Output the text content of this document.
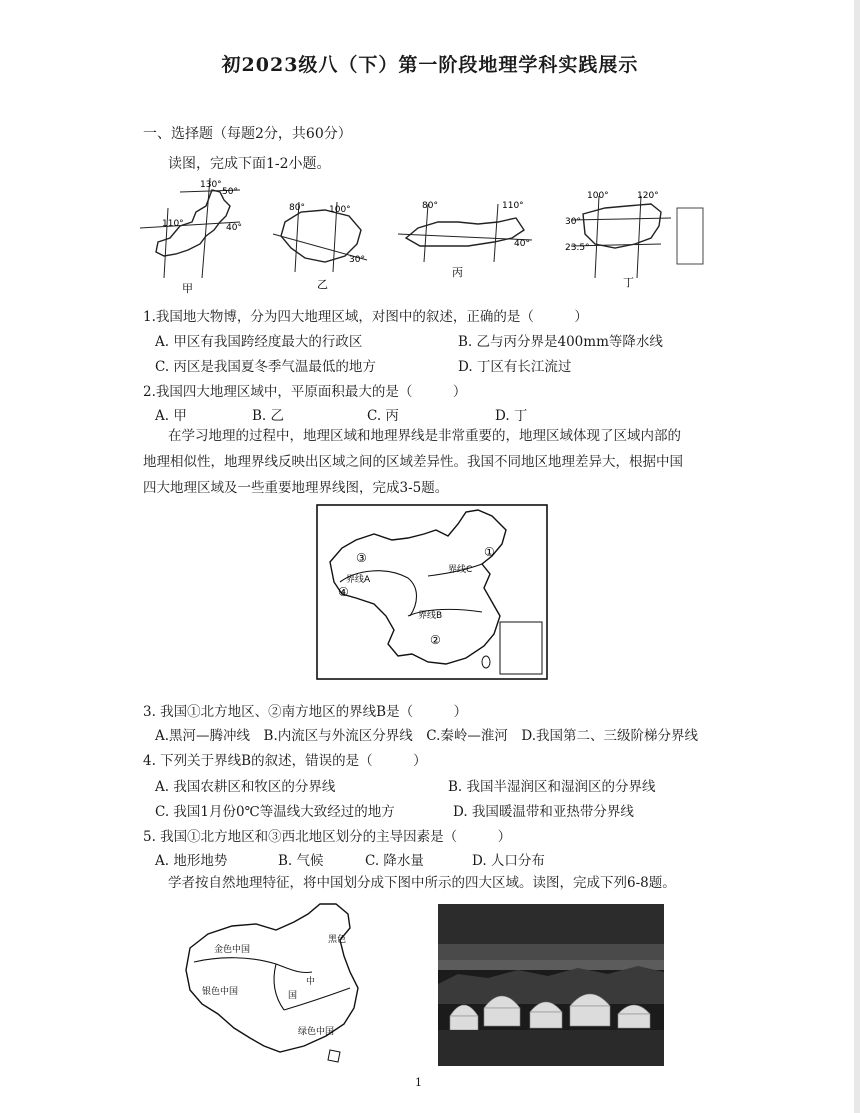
初2023级八（下）第一阶段地理学科实践展示
一、选择题（每题2分，共60分）
读图，完成下面1-2小题。
130°
50°
110°	40°
甲
80°	100°
30°
乙
80°	110°
40°
丙
100°	120°
30°
23.5°
丁
1.我国地大物博，分为四大地理区域，对图中的叙述，正确的是（　　　）
A. 甲区有我国跨经度最大的行政区	B. 乙与丙分界是400mm等降水线
C. 丙区是我国夏冬季气温最低的地方	D. 丁区有长江流过
2.我国四大地理区域中，平原面积最大的是（　　　）
A. 甲	B. 乙	C. 丙	D. 丁
在学习地理的过程中，地理区域和地理界线是非常重要的，地理区域体现了区域内部的
地理相似性，地理界线反映出区域之间的区域差异性。我国不同地区地理差异大，根据中国
四大地理区域及一些重要地理界线图，完成3-5题。
③
④
①
②
界线A
界线B
界线C
3. 我国①北方地区、②南方地区的界线B是（　　　）
A.黑河—腾冲线　B.内流区与外流区分界线　C.秦岭—淮河　D.我国第二、三级阶梯分界线
4. 下列关于界线B的叙述，错误的是（　　　）
A. 我国农耕区和牧区的分界线	B. 我国半湿润区和湿润区的分界线
C. 我国1月份0℃等温线大致经过的地方	D. 我国暖温带和亚热带分界线
5. 我国①北方地区和③西北地区划分的主导因素是（　　　）
A. 地形地势	B. 气候	C. 降水量	D. 人口分布
学者按自然地理特征，将中国划分成下图中所示的四大区域。读图，完成下列6-8题。
金色中国
银色中国
绿色中国
黑色
中
国
1
